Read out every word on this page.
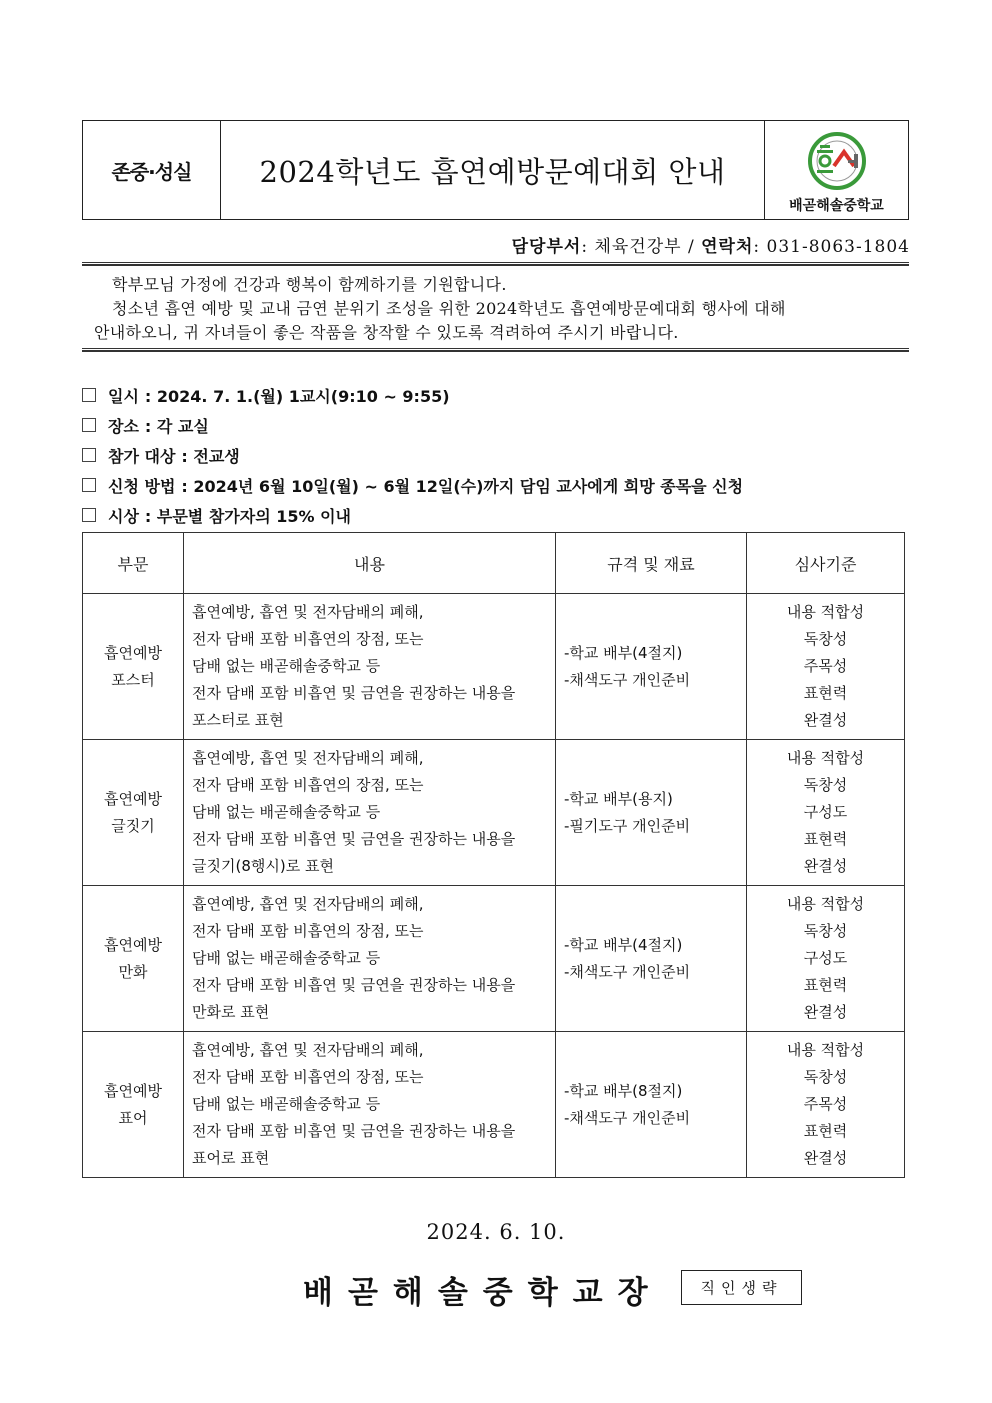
존중·성실	2024학년도 흡연예방문예대회 안내
배곧해솔중학교
담당부서: 체육건강부 / 연락처: 031-8063-1804
학부모님 가정에 건강과 행복이 함께하기를 기원합니다.
청소년 흡연 예방 및 교내 금연 분위기 조성을 위한 2024학년도 흡연예방문예대회 행사에 대해
안내하오니, 귀 자녀들이 좋은 작품을 창작할 수 있도록 격려하여 주시기 바랍니다.
일시 : 2024. 7. 1.(월) 1교시(9:10 ~ 9:55)
장소 : 각 교실
참가 대상 : 전교생
신청 방법 : 2024년 6월 10일(월) ~ 6월 12일(수)까지 담임 교사에게 희망 종목을 신청
시상 : 부문별 참가자의 15% 이내
부문	내용	규격 및 재료	심사기준

흡연예방
포스터	흡연예방, 흡연 및 전자담배의 폐해,
전자 담배 포함 비흡연의 장점, 또는
담배 없는 배곧해솔중학교 등
전자 담배 포함 비흡연 및 금연을 권장하는 내용을
포스터로 표현	-학교 배부(4절지)
-채색도구 개인준비	내용 적합성
독창성
주목성
표현력
완결성

흡연예방
글짓기	흡연예방, 흡연 및 전자담배의 폐해,
전자 담배 포함 비흡연의 장점, 또는
담배 없는 배곧해솔중학교 등
전자 담배 포함 비흡연 및 금연을 권장하는 내용을
글짓기(8행시)로 표현	-학교 배부(용지)
-필기도구 개인준비	내용 적합성
독창성
구성도
표현력
완결성

흡연예방
만화	흡연예방, 흡연 및 전자담배의 폐해,
전자 담배 포함 비흡연의 장점, 또는
담배 없는 배곧해솔중학교 등
전자 담배 포함 비흡연 및 금연을 권장하는 내용을
만화로 표현	-학교 배부(4절지)
-채색도구 개인준비	내용 적합성
독창성
구성도
표현력
완결성

흡연예방
표어	흡연예방, 흡연 및 전자담배의 폐해,
전자 담배 포함 비흡연의 장점, 또는
담배 없는 배곧해솔중학교 등
전자 담배 포함 비흡연 및 금연을 권장하는 내용을
표어로 표현	-학교 배부(8절지)
-채색도구 개인준비	내용 적합성
독창성
주목성
표현력
완결성
2024. 6. 10.
배곧해솔중학교장	직인생략
